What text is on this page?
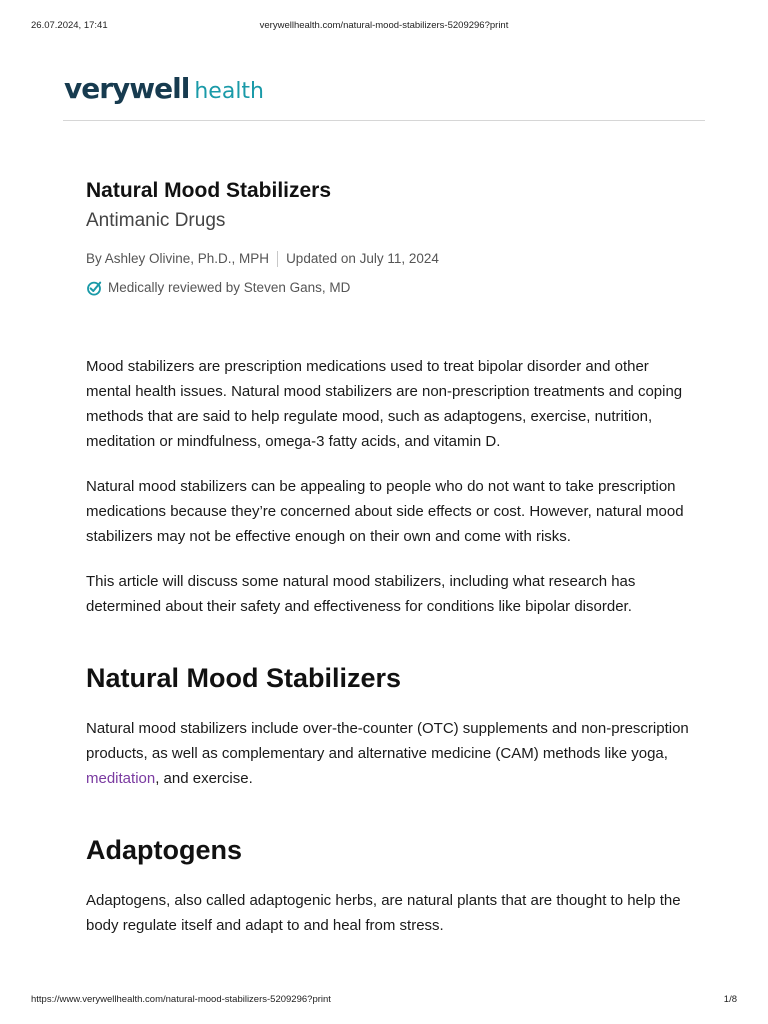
26.07.2024, 17:41	verywellhealth.com/natural-mood-stabilizers-5209296?print
verywell health
Natural Mood Stabilizers
Antimanic Drugs
By Ashley Olivine, Ph.D., MPH Updated on July 11, 2024
Medically reviewed by Steven Gans, MD

Mood stabilizers are prescription medications used to treat bipolar disorder and other mental health issues. Natural mood stabilizers are non-prescription treatments and coping methods that are said to help regulate mood, such as adaptogens, exercise, nutrition, meditation or mindfulness, omega-3 fatty acids, and vitamin D.

Natural mood stabilizers can be appealing to people who do not want to take prescription medications because they’re concerned about side effects or cost. However, natural mood stabilizers may not be effective enough on their own and come with risks.

This article will discuss some natural mood stabilizers, including what research has determined about their safety and effectiveness for conditions like bipolar disorder.

Natural Mood Stabilizers

Natural mood stabilizers include over-the-counter (OTC) supplements and non-prescription products, as well as complementary and alternative medicine (CAM) methods like yoga, meditation, and exercise.

Adaptogens

Adaptogens, also called adaptogenic herbs, are natural plants that are thought to help the body regulate itself and adapt to and heal from stress.

https://www.verywellhealth.com/natural-mood-stabilizers-5209296?print	1/8
